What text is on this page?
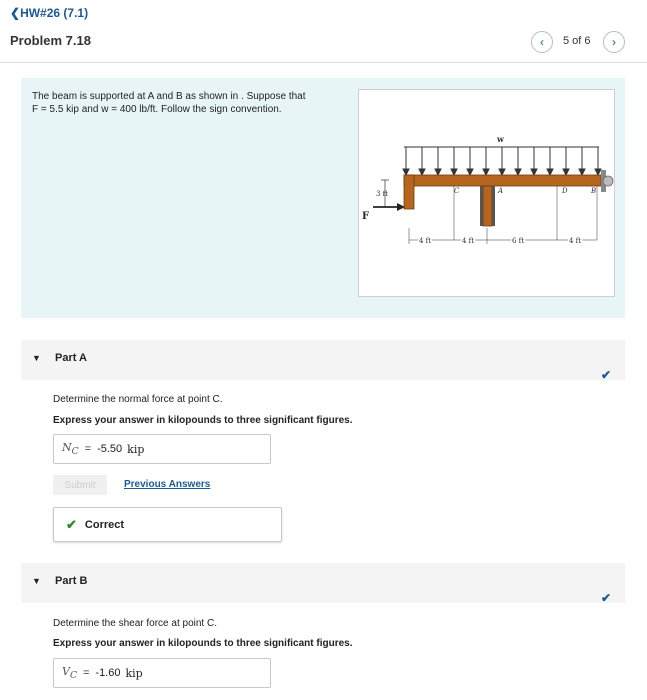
❮HW#26 (7.1)
Problem 7.18	‹ 5 of 6 ›
The beam is supported at A and B as shown in . Suppose that
F = 5.5 kip and w = 400 lb/ft. Follow the sign convention.
w
F
3 ft	C	A	D	B
4 ft	4 ft	6 ft	4 ft
▼ Part A
✔
Determine the normal force at point C.
Express your answer in kilopounds to three significant figures.
$N_C = -5.50$ kip
Submit	Previous Answers
✔ Correct
▼ Part B
✔
Determine the shear force at point C.
Express your answer in kilopounds to three significant figures.
$V_C = -1.60$ kip
